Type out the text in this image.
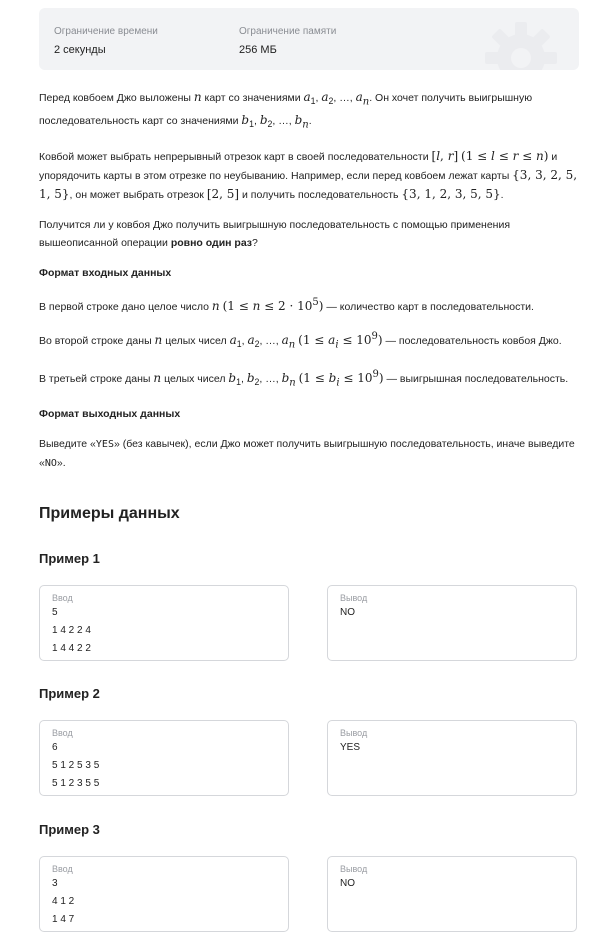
Ограничение времени
2 секунды
Ограничение памяти
256 МБ

Перед ковбоем Джо выложены n карт со значениями $a_1$, $a_2$, …, $a_n$. Он хочет получить выигрышную последовательность карт со значениями $b_1$, $b_2$, …, $b_n$.

Ковбой может выбрать непрерывный отрезок карт в своей последовательности [l, r] (1 ≤ l ≤ r ≤ n) и упорядочить карты в этом отрезке по неубыванию. Например, если перед ковбоем лежат карты {3, 3, 2, 5, 1, 5}, он может выбрать отрезок [2, 5] и получить последовательность {3, 1, 2, 3, 5, 5}.

Получится ли у ковбоя Джо получить выигрышную последовательность с помощью применения вышеописанной операции ровно один раз?

Формат входных данных

В первой строке дано целое число n $(1 \le n \le 2 \cdot 10^5)$ — количество карт в последовательности.

Во второй строке даны n целых чисел $a_1$, $a_2$, …, $a_n$ $(1 \le a_i \le 10^9)$ — последовательность ковбоя Джо.

В третьей строке даны n целых чисел $b_1$, $b_2$, …, $b_n$ $(1 \le b_i \le 10^9)$ — выигрышная последовательность.

Формат выходных данных

Выведите «YES» (без кавычек), если Джо может получить выигрышную последовательность, иначе выведите «NO».

Примеры данных
Пример 1
Ввод
5
1 4 2 2 4
1 4 4 2 2
Вывод
NO
Пример 2
Ввод
6
5 1 2 5 3 5
5 1 2 3 5 5
Вывод
YES
Пример 3
Ввод
3
4 1 2
1 4 7
Вывод
NO
